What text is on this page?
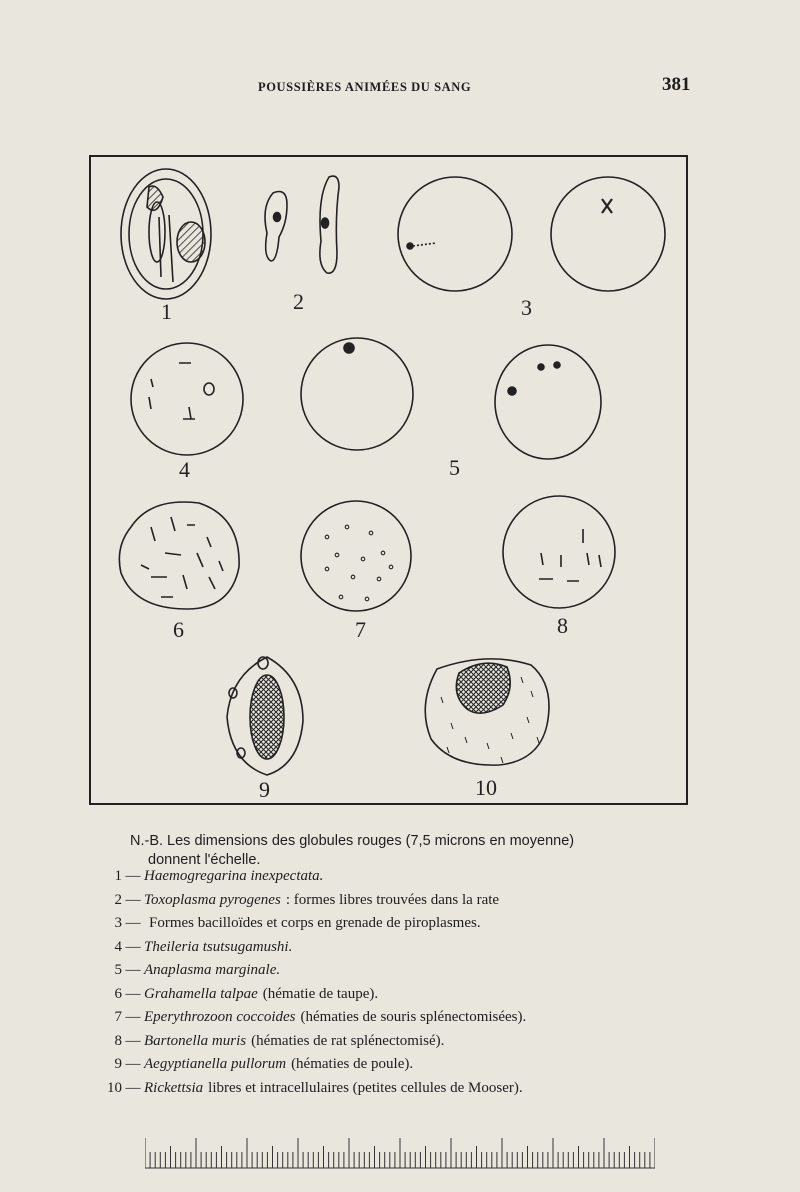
POUSSIÈRES ANIMÉES DU SANG	381
1	2	3
4	5
6	7	8
9	10
N.-B. Les dimensions des globules rouges (7,5 microns en moyenne)

donnent l'échelle.
1 — Haemogregarina inexpectata.
2 — Toxoplasma pyrogenes : formes libres trouvées dans la rate
3 — Formes bacilloïdes et corps en grenade de piroplasmes.
4 — Theileria tsutsugamushi.
5 — Anaplasma marginale.
6 — Grahamella talpae (hématie de taupe).
7 — Eperythrozoon coccoides (hématies de souris splénectomisées).
8 — Bartonella muris (hématies de rat splénectomisé).
9 — Aegyptianella pullorum (hématies de poule).
10 — Rickettsia libres et intracellulaires (petites cellules de Mooser).
